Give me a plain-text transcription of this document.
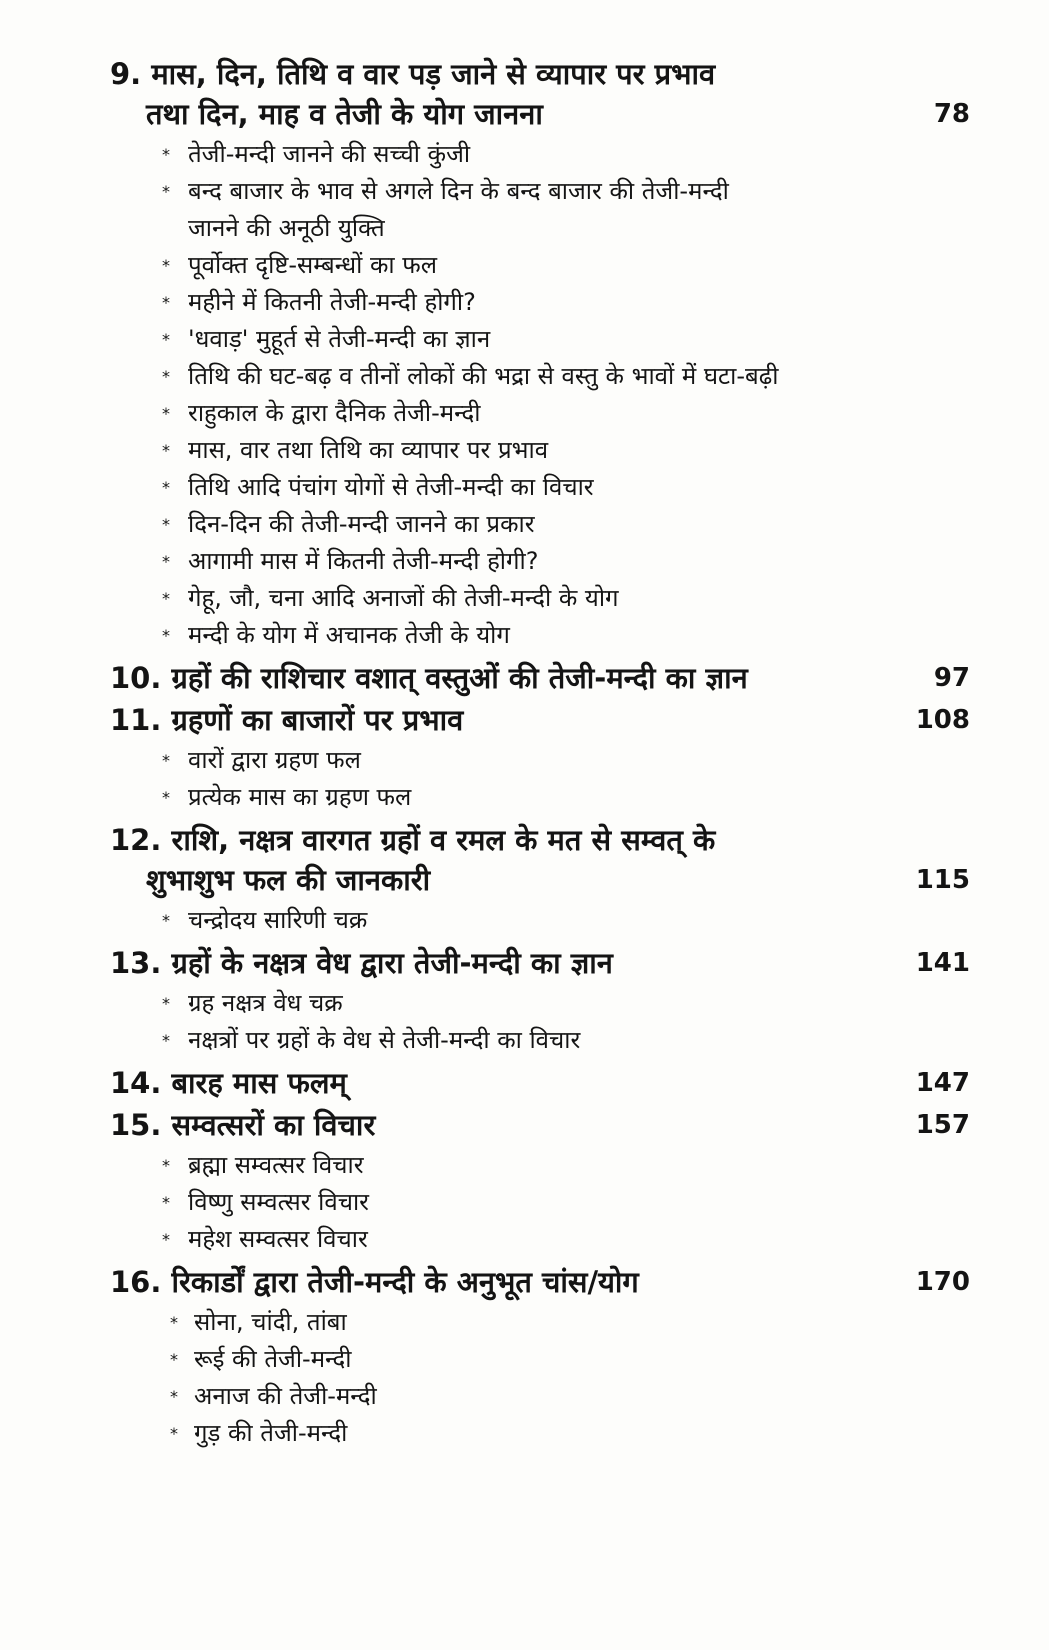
9. मास, दिन, तिथि व वार पड़ जाने से व्यापार पर प्रभाव
तथा दिन, माह व तेजी के योग जानना	78
* तेजी-मन्दी जानने की सच्ची कुंजी
* बन्द बाजार के भाव से अगले दिन के बन्द बाजार की तेजी-मन्दी
जानने की अनूठी युक्ति
* पूर्वोक्त दृष्टि-सम्बन्धों का फल
* महीने में कितनी तेजी-मन्दी होगी?
* 'धवाड़' मुहूर्त से तेजी-मन्दी का ज्ञान
* तिथि की घट-बढ़ व तीनों लोकों की भद्रा से वस्तु के भावों में घटा-बढ़ी
* राहुकाल के द्वारा दैनिक तेजी-मन्दी
* मास, वार तथा तिथि का व्यापार पर प्रभाव
* तिथि आदि पंचांग योगों से तेजी-मन्दी का विचार
* दिन-दिन की तेजी-मन्दी जानने का प्रकार
* आगामी मास में कितनी तेजी-मन्दी होगी?
* गेहू, जौ, चना आदि अनाजों की तेजी-मन्दी के योग
* मन्दी के योग में अचानक तेजी के योग
10. ग्रहों की राशिचार वशात् वस्तुओं की तेजी-मन्दी का ज्ञान	97
11. ग्रहणों का बाजारों पर प्रभाव	108
* वारों द्वारा ग्रहण फल
* प्रत्येक मास का ग्रहण फल
12. राशि, नक्षत्र वारगत ग्रहों व रमल के मत से सम्वत् के
शुभाशुभ फल की जानकारी	115
* चन्द्रोदय सारिणी चक्र
13. ग्रहों के नक्षत्र वेध द्वारा तेजी-मन्दी का ज्ञान	141
* ग्रह नक्षत्र वेध चक्र
* नक्षत्रों पर ग्रहों के वेध से तेजी-मन्दी का विचार
14. बारह मास फलम्	147
15. सम्वत्सरों का विचार	157
* ब्रह्मा सम्वत्सर विचार
* विष्णु सम्वत्सर विचार
* महेश सम्वत्सर विचार
16. रिकार्डों द्वारा तेजी-मन्दी के अनुभूत चांस/योग	170
* सोना, चांदी, तांबा
* रूई की तेजी-मन्दी
* अनाज की तेजी-मन्दी
* गुड़ की तेजी-मन्दी
